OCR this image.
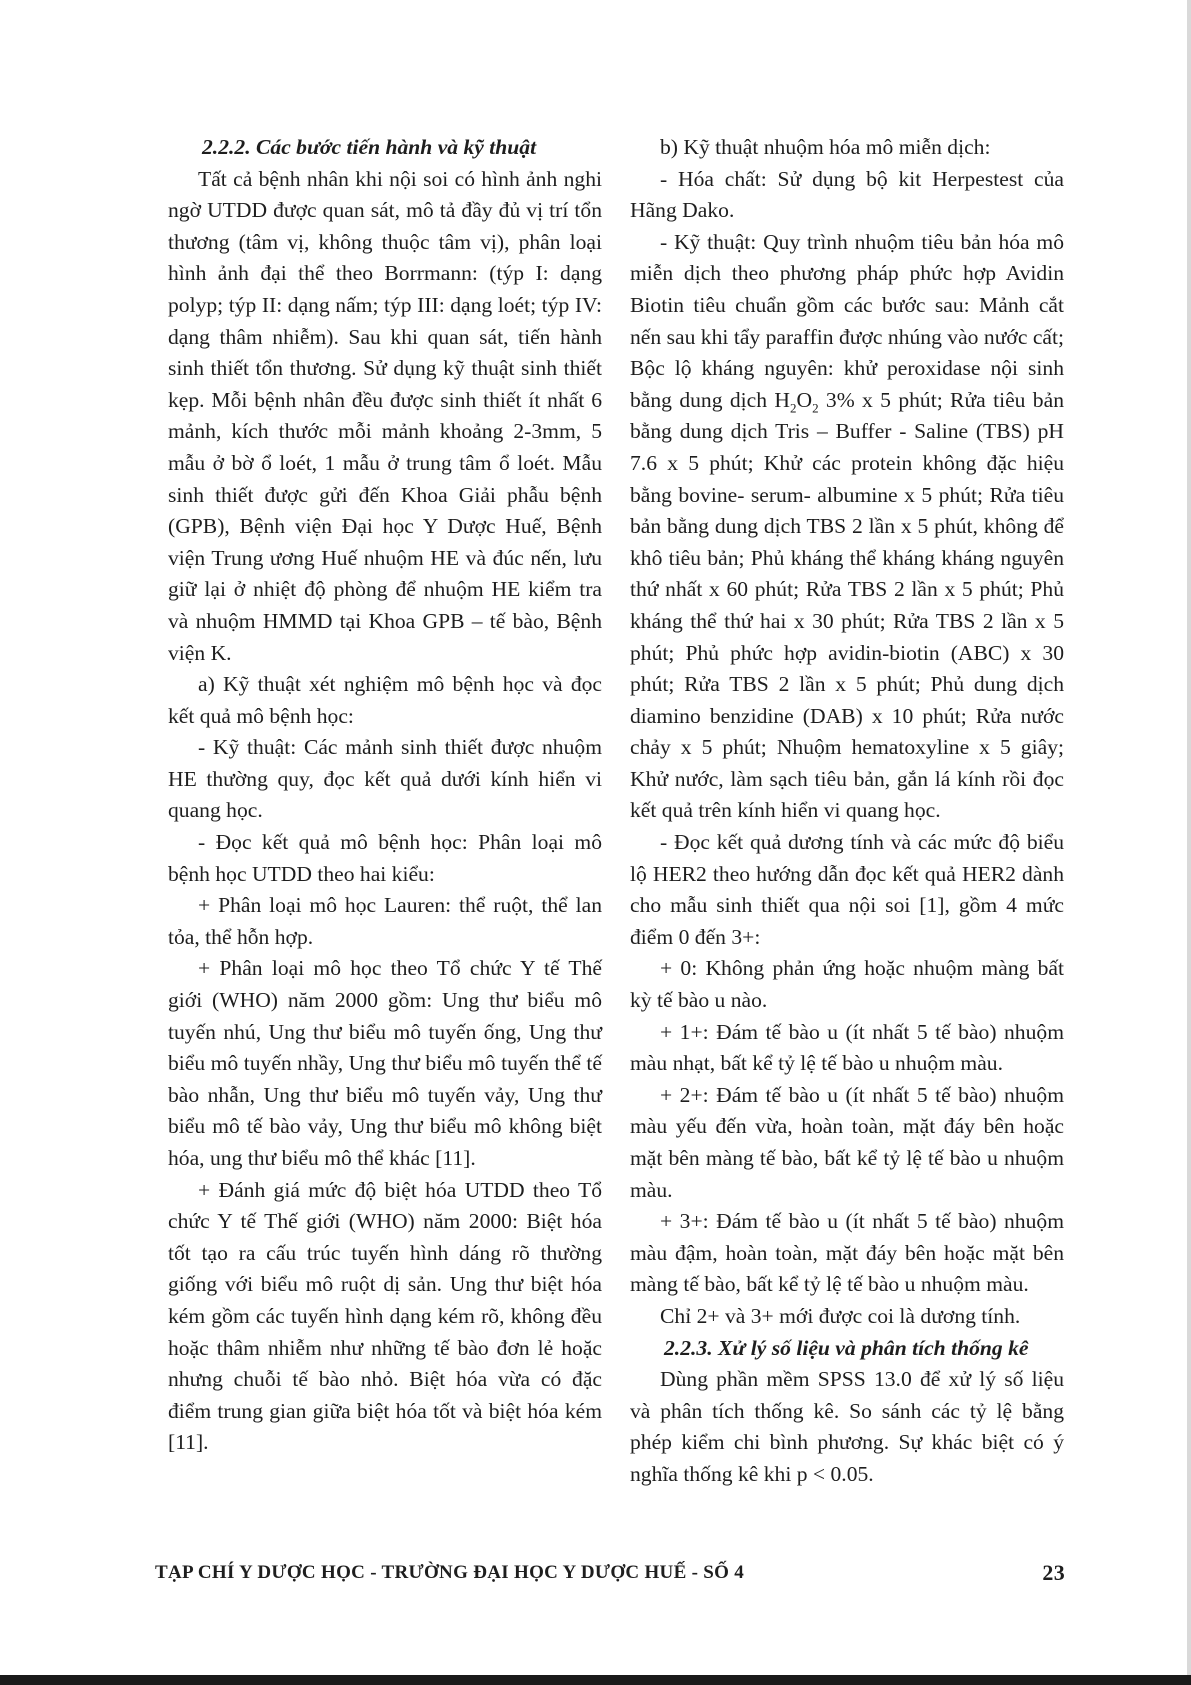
2.2.2. Các bước tiến hành và kỹ thuật

Tất cả bệnh nhân khi nội soi có hình ảnh nghi ngờ UTDD được quan sát, mô tả đầy đủ vị trí tổn thương (tâm vị, không thuộc tâm vị), phân loại hình ảnh đại thể theo Borrmann: (týp I: dạng polyp; týp II: dạng nấm; týp III: dạng loét; týp IV: dạng thâm nhiễm). Sau khi quan sát, tiến hành sinh thiết tổn thương. Sử dụng kỹ thuật sinh thiết kẹp. Mỗi bệnh nhân đều được sinh thiết ít nhất 6 mảnh, kích thước mỗi mảnh khoảng 2-3mm, 5 mẫu ở bờ ổ loét, 1 mẫu ở trung tâm ổ loét. Mẫu sinh thiết được gửi đến Khoa Giải phẫu bệnh (GPB), Bệnh viện Đại học Y Dược Huế, Bệnh viện Trung ương Huế nhuộm HE và đúc nến, lưu giữ lại ở nhiệt độ phòng để nhuộm HE kiểm tra và nhuộm HMMD tại Khoa GPB – tế bào, Bệnh viện K.

a) Kỹ thuật xét nghiệm mô bệnh học và đọc kết quả mô bệnh học:

- Kỹ thuật: Các mảnh sinh thiết được nhuộm HE thường quy, đọc kết quả dưới kính hiển vi quang học.

- Đọc kết quả mô bệnh học: Phân loại mô bệnh học UTDD theo hai kiểu:

+ Phân loại mô học Lauren: thể ruột, thể lan tỏa, thể hỗn hợp.

+ Phân loại mô học theo Tổ chức Y tế Thế giới (WHO) năm 2000 gồm: Ung thư biểu mô tuyến nhú, Ung thư biểu mô tuyến ống, Ung thư biểu mô tuyến nhầy, Ung thư biểu mô tuyến thể tế bào nhẫn, Ung thư biểu mô tuyến vảy, Ung thư biểu mô tế bào vảy, Ung thư biểu mô không biệt hóa, ung thư biểu mô thể khác [11].

+ Đánh giá mức độ biệt hóa UTDD theo Tổ chức Y tế Thế giới (WHO) năm 2000: Biệt hóa tốt tạo ra cấu trúc tuyến hình dáng rõ thường giống với biểu mô ruột dị sản. Ung thư biệt hóa kém gồm các tuyến hình dạng kém rõ, không đều hoặc thâm nhiễm như những tế bào đơn lẻ hoặc nhưng chuỗi tế bào nhỏ. Biệt hóa vừa có đặc điểm trung gian giữa biệt hóa tốt và biệt hóa kém [11].

b) Kỹ thuật nhuộm hóa mô miễn dịch:

- Hóa chất: Sử dụng bộ kit Herpestest của Hãng Dako.

- Kỹ thuật: Quy trình nhuộm tiêu bản hóa mô miễn dịch theo phương pháp phức hợp Avidin Biotin tiêu chuẩn gồm các bước sau: Mảnh cắt nến sau khi tẩy paraffin được nhúng vào nước cất; Bộc lộ kháng nguyên: khử peroxidase nội sinh bằng dung dịch $H_2O_2$ 3% x 5 phút; Rửa tiêu bản bằng dung dịch Tris – Buffer - Saline (TBS) pH 7.6 x 5 phút; Khử các protein không đặc hiệu bằng bovine- serum- albumine x 5 phút; Rửa tiêu bản bằng dung dịch TBS 2 lần x 5 phút, không để khô tiêu bản; Phủ kháng thể kháng kháng nguyên thứ nhất x 60 phút; Rửa TBS 2 lần x 5 phút; Phủ kháng thể thứ hai x 30 phút; Rửa TBS 2 lần x 5 phút; Phủ phức hợp avidin-biotin (ABC) x 30 phút; Rửa TBS 2 lần x 5 phút; Phủ dung dịch diamino benzidine (DAB) x 10 phút; Rửa nước chảy x 5 phút; Nhuộm hematoxyline x 5 giây; Khử nước, làm sạch tiêu bản, gắn lá kính rồi đọc kết quả trên kính hiển vi quang học.

- Đọc kết quả dương tính và các mức độ biểu lộ HER2 theo hướng dẫn đọc kết quả HER2 dành cho mẫu sinh thiết qua nội soi [1], gồm 4 mức điểm 0 đến 3+:

+ 0: Không phản ứng hoặc nhuộm màng bất kỳ tế bào u nào.

+ 1+: Đám tế bào u (ít nhất 5 tế bào) nhuộm màu nhạt, bất kể tỷ lệ tế bào u nhuộm màu.

+ 2+: Đám tế bào u (ít nhất 5 tế bào) nhuộm màu yếu đến vừa, hoàn toàn, mặt đáy bên hoặc mặt bên màng tế bào, bất kể tỷ lệ tế bào u nhuộm màu.

+ 3+: Đám tế bào u (ít nhất 5 tế bào) nhuộm màu đậm, hoàn toàn, mặt đáy bên hoặc mặt bên màng tế bào, bất kể tỷ lệ tế bào u nhuộm màu.

Chỉ 2+ và 3+ mới được coi là dương tính.

2.2.3. Xử lý số liệu và phân tích thống kê

Dùng phần mềm SPSS 13.0 để xử lý số liệu và phân tích thống kê. So sánh các tỷ lệ bằng phép kiểm chi bình phương. Sự khác biệt có ý nghĩa thống kê khi p < 0.05.

TẠP CHÍ Y DƯỢC HỌC - TRƯỜNG ĐẠI HỌC Y DƯỢC HUẾ - SỐ 4	23
